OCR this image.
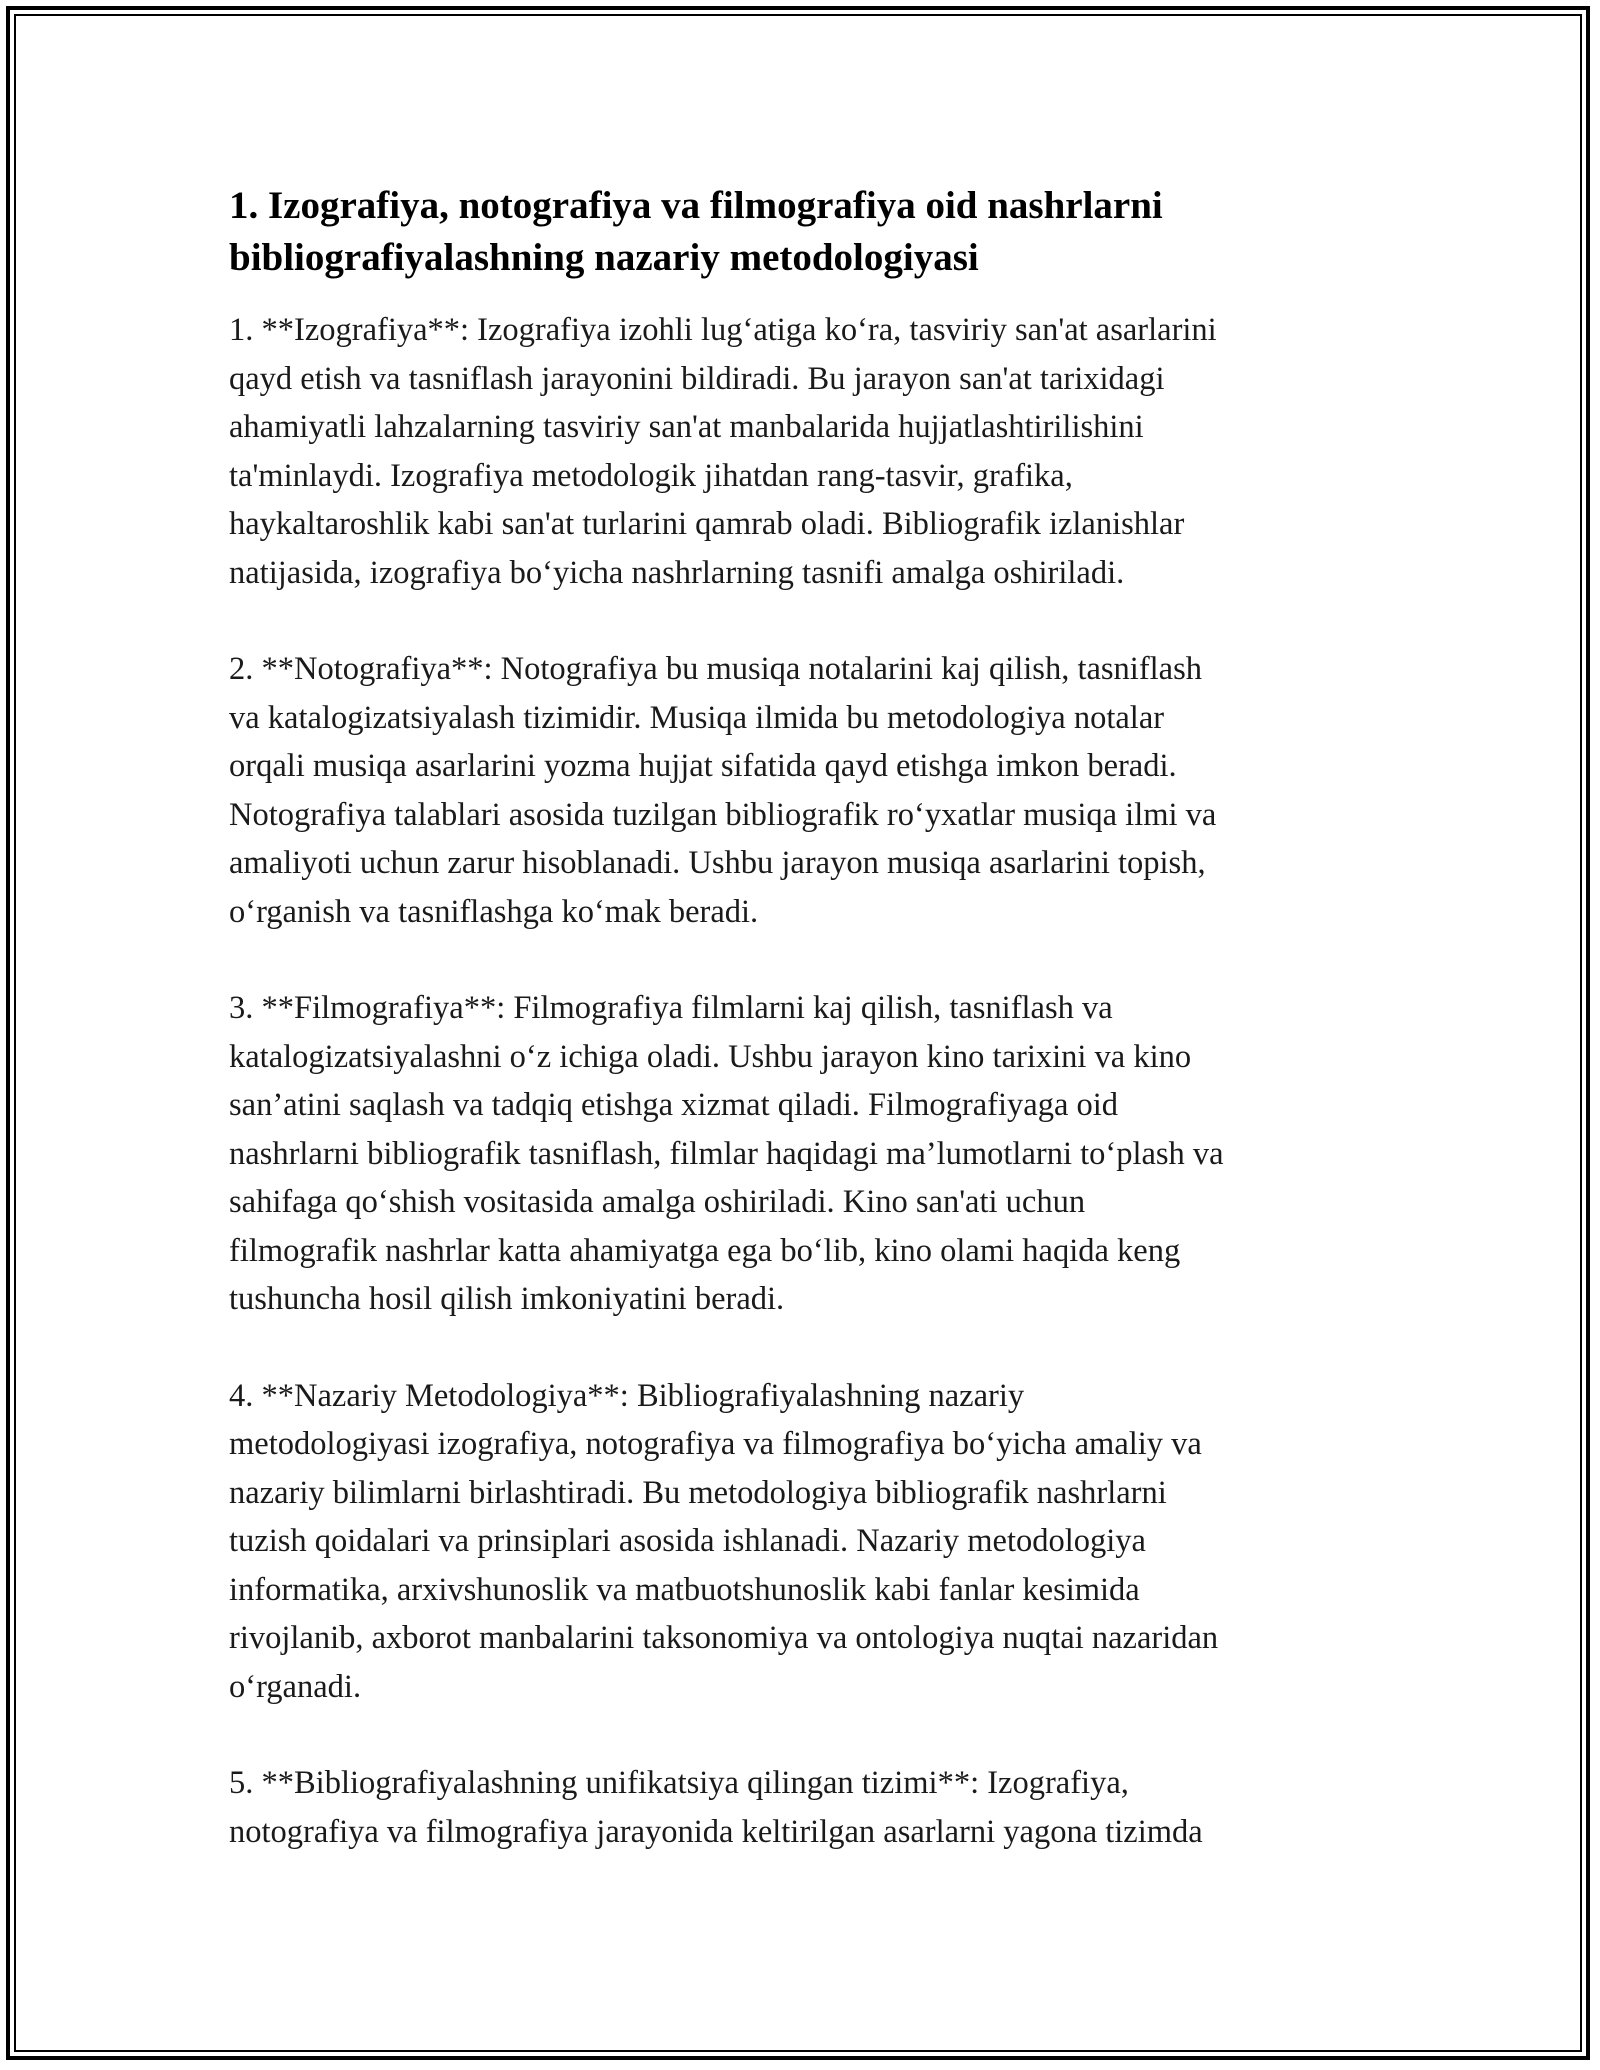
1. Izografiya, notografiya va filmografiya oid nashrlarni
bibliografiyalashning nazariy metodologiyasi

1. **Izografiya**: Izografiya izohli lug‘atiga ko‘ra, tasviriy san'at asarlarini
qayd etish va tasniflash jarayonini bildiradi. Bu jarayon san'at tarixidagi
ahamiyatli lahzalarning tasviriy san'at manbalarida hujjatlashtirilishini
ta'minlaydi. Izografiya metodologik jihatdan rang-tasvir, grafika,
haykaltaroshlik kabi san'at turlarini qamrab oladi. Bibliografik izlanishlar
natijasida, izografiya bo‘yicha nashrlarning tasnifi amalga oshiriladi.

2. **Notografiya**: Notografiya bu musiqa notalarini kaj qilish, tasniflash
va katalogizatsiyalash tizimidir. Musiqa ilmida bu metodologiya notalar
orqali musiqa asarlarini yozma hujjat sifatida qayd etishga imkon beradi.
Notografiya talablari asosida tuzilgan bibliografik ro‘yxatlar musiqa ilmi va
amaliyoti uchun zarur hisoblanadi. Ushbu jarayon musiqa asarlarini topish,
o‘rganish va tasniflashga ko‘mak beradi.

3. **Filmografiya**: Filmografiya filmlarni kaj qilish, tasniflash va
katalogizatsiyalashni o‘z ichiga oladi. Ushbu jarayon kino tarixini va kino
san’atini saqlash va tadqiq etishga xizmat qiladi. Filmografiyaga oid
nashrlarni bibliografik tasniflash, filmlar haqidagi ma’lumotlarni to‘plash va
sahifaga qo‘shish vositasida amalga oshiriladi. Kino san'ati uchun
filmografik nashrlar katta ahamiyatga ega bo‘lib, kino olami haqida keng
tushuncha hosil qilish imkoniyatini beradi.

4. **Nazariy Metodologiya**: Bibliografiyalashning nazariy
metodologiyasi izografiya, notografiya va filmografiya bo‘yicha amaliy va
nazariy bilimlarni birlashtiradi. Bu metodologiya bibliografik nashrlarni
tuzish qoidalari va prinsiplari asosida ishlanadi. Nazariy metodologiya
informatika, arxivshunoslik va matbuotshunoslik kabi fanlar kesimida
rivojlanib, axborot manbalarini taksonomiya va ontologiya nuqtai nazaridan
o‘rganadi.

5. **Bibliografiyalashning unifikatsiya qilingan tizimi**: Izografiya,
notografiya va filmografiya jarayonida keltirilgan asarlarni yagona tizimda
